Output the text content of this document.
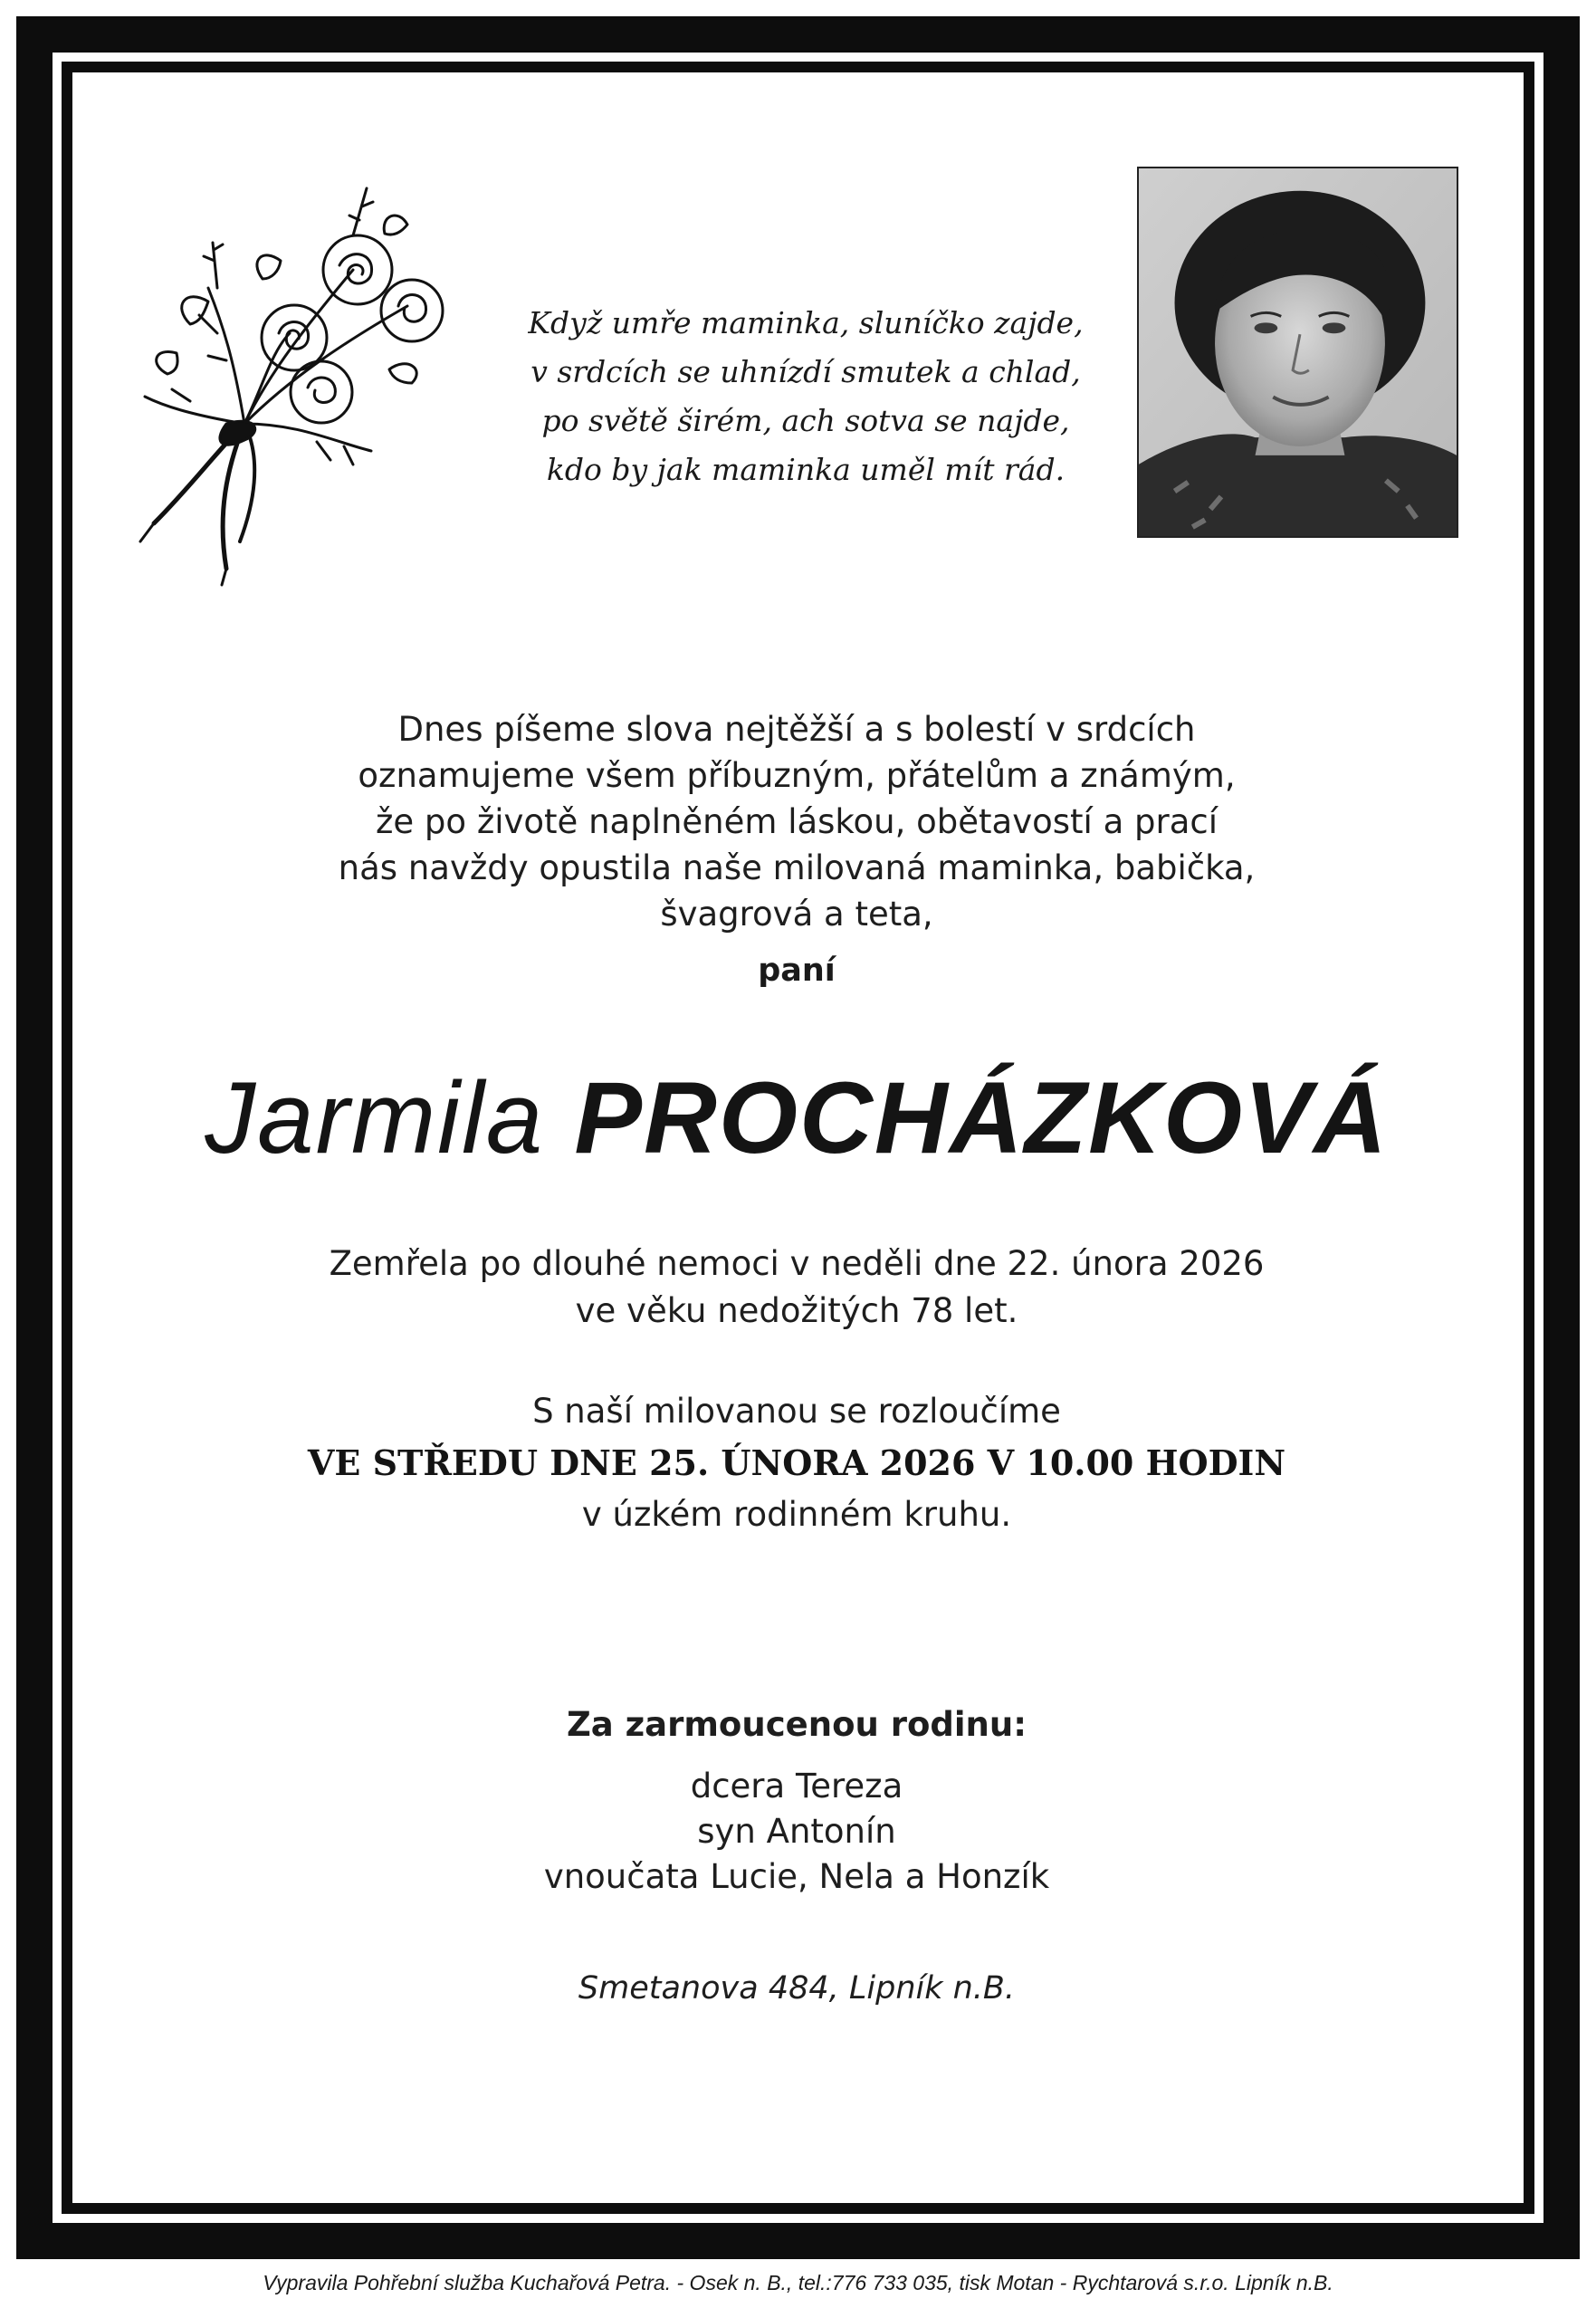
Když umře maminka, sluníčko zajde,
v srdcích se uhnízdí smutek a chlad,
po světě širém, ach sotva se najde,
kdo by jak maminka uměl mít rád.
Dnes píšeme slova nejtěžší a s bolestí v srdcích
oznamujeme všem příbuzným, přátelům a známým,
že po životě naplněném láskou, obětavostí a prací
nás navždy opustila naše milovaná maminka, babička,
švagrová a teta,
paní
Jarmila PROCHÁZKOVÁ
Zemřela po dlouhé nemoci v neděli dne 22. února 2026
ve věku nedožitých 78 let.
S naší milovanou se rozloučíme
VE STŘEDU DNE 25. ÚNORA 2026 V 10.00 HODIN
v úzkém rodinném kruhu.
Za zarmoucenou rodinu:
dcera Tereza
syn Antonín
vnoučata Lucie, Nela a Honzík
Smetanova 484, Lipník n.B.
Vypravila Pohřební služba Kuchařová Petra. - Osek n. B., tel.:776 733 035, tisk Motan - Rychtarová s.r.o. Lipník n.B.
